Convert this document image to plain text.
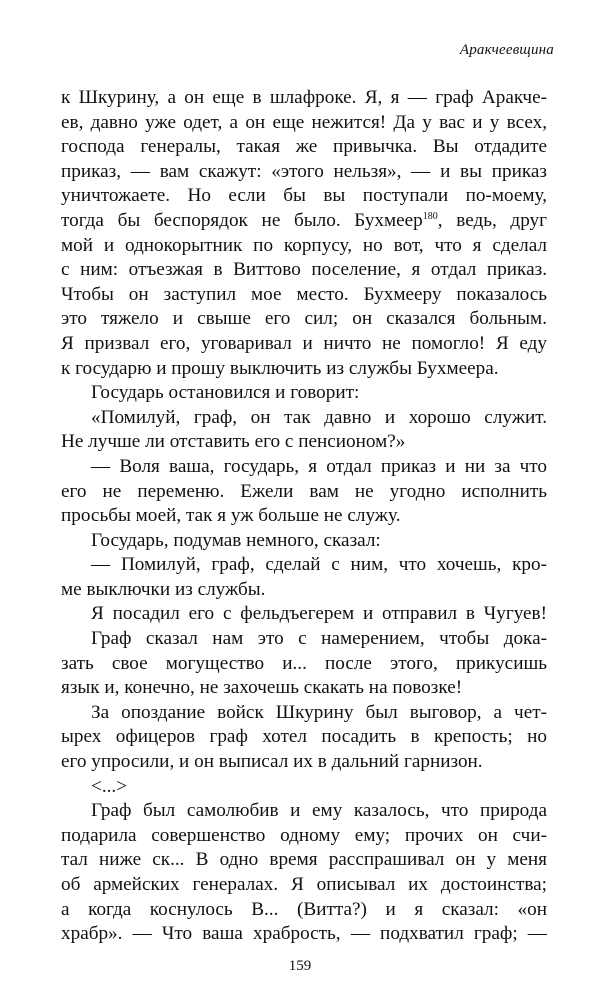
Аракчеевщина

к Шкурину, а он еще в шлафроке. Я, я — граф Аракче-

ев, давно уже одет, а он еще нежится! Да у вас и у всех,

господа генералы, такая же привычка. Вы отдадите

приказ, — вам скажут: «этого нельзя», — и вы приказ

уничтожаете. Но если бы вы поступали по-моему,

тогда бы беспорядок не было. Бухмеер$^{180}$, ведь, друг

мой и однокорытник по корпусу, но вот, что я сделал

с ним: отъезжая в Виттово поселение, я отдал приказ.

Чтобы он заступил мое место. Бухмееру показалось

это тяжело и свыше его сил; он сказался больным.

Я призвал его, уговаривал и ничто не помогло! Я еду

к государю и прошу выключить из службы Бухмеера.

Государь остановился и говорит:

«Помилуй, граф, он так давно и хорошо служит.

Не лучше ли отставить его с пенсионом?»

— Воля ваша, государь, я отдал приказ и ни за что

его не переменю. Ежели вам не угодно исполнить

просьбы моей, так я уж больше не служу.

Государь, подумав немного, сказал:

— Помилуй, граф, сделай с ним, что хочешь, кро-

ме выключки из службы.

Я посадил его с фельдъегерем и отправил в Чугуев!

Граф сказал нам это с намерением, чтобы дока-

зать свое могущество и... после этого, прикусишь

язык и, конечно, не захочешь скакать на повозке!

За опоздание войск Шкурину был выговор, а чет-

ырех офицеров граф хотел посадить в крепость; но

его упросили, и он выписал их в дальний гарнизон.

<...>

Граф был самолюбив и ему казалось, что природа

подарила совершенство одному ему; прочих он счи-

тал ниже ск... В одно время расспрашивал он у меня

об армейских генералах. Я описывал их достоинства;

а когда коснулось В... (Витта?) и я сказал: «он

храбр». — Что ваша храбрость, — подхватил граф; —

159
